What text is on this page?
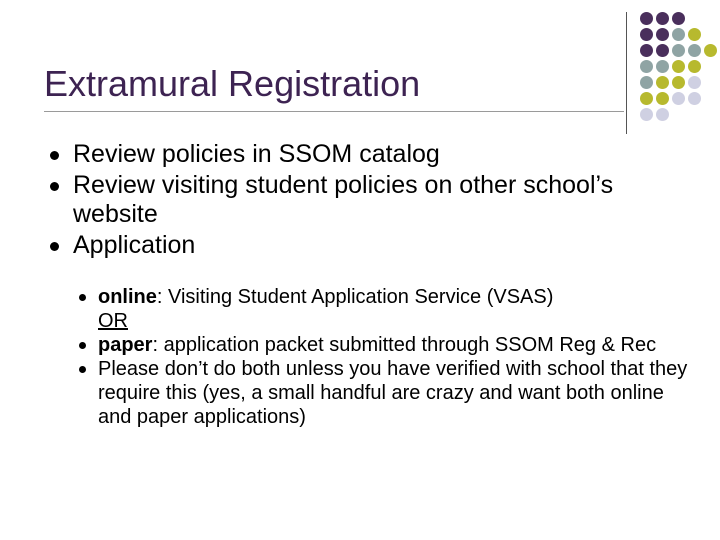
Extramural Registration
Review policies in SSOM catalog
Review visiting student policies on other school’s website
Application
online: Visiting Student Application Service (VSAS)
OR
paper: application packet submitted through SSOM Reg & Rec
Please don’t do both unless you have verified with school that they require this (yes, a small handful are crazy and want both online and paper applications)
